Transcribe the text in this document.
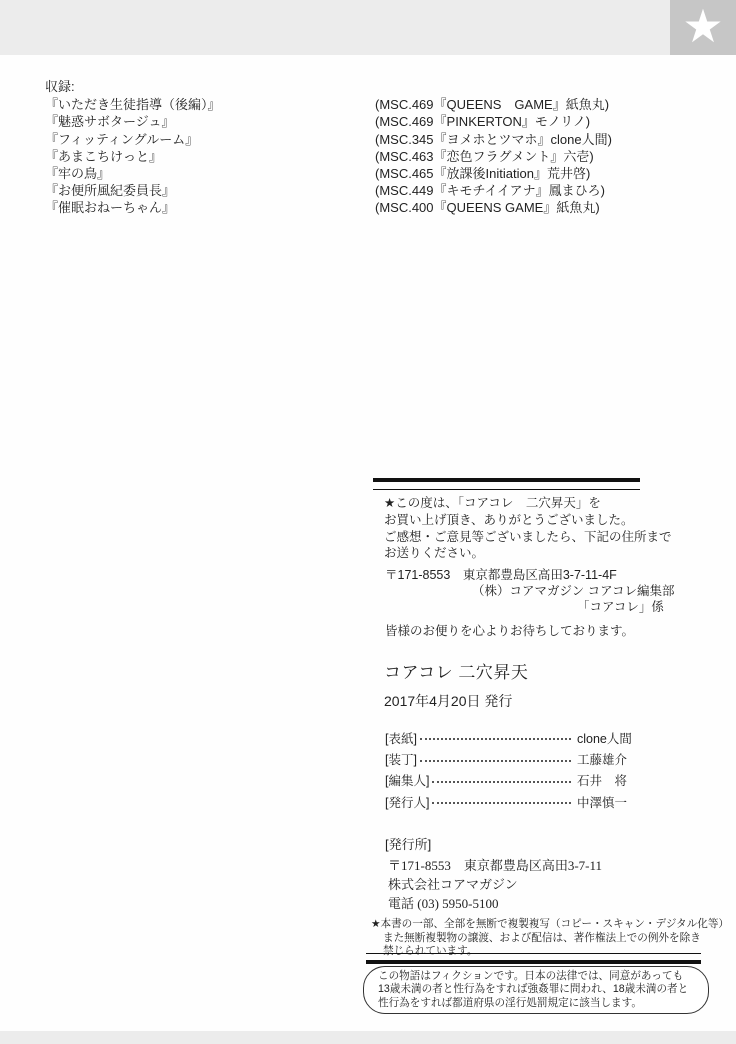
★
収録:
『いただき生徒指導（後編）』	(MSC.469『QUEENS　GAME』紙魚丸)
『魅惑サボタージュ』	(MSC.469『PINKERTON』モノリノ)
『フィッティングルーム』	(MSC.345『ヨメホとツマホ』clone人間)
『あまこちけっと』	(MSC.463『恋色フラグメント』六壱)
『牢の鳥』	(MSC.465『放課後Initiation』荒井啓)
『お便所風紀委員長』	(MSC.449『キモチイイアナ』鳳まひろ)
『催眠おねーちゃん』	(MSC.400『QUEENS GAME』紙魚丸)
★この度は、「コアコレ　二穴昇天」を
お買い上げ頂き、ありがとうございました。
ご感想・ご意見等ございましたら、下記の住所まで
お送りください。
〒171-8553　東京都豊島区高田3-7-11-4F
（株）コアマガジン コアコレ編集部
「コアコレ」係
皆様のお便りを心よりお待ちしております。
コアコレ 二穴昇天
2017年4月20日 発行
[表紙]	clone人間
[装丁]	工藤雄介
[編集人]	石井　将
[発行人]	中澤慎一
[発行所]
〒171-8553　東京都豊島区高田3-7-11
株式会社コアマガジン
電話 (03) 5950-5100
★本書の一部、全部を無断で複製複写（コピー・スキャン・デジタル化等）
また無断複製物の譲渡、および配信は、著作権法上での例外を除き
禁じられています。
この物語はフィクションです。日本の法律では、同意があっても13歳未満の者と性行為をすれば強姦罪に問われ、18歳未満の者と性行為をすれば都道府県の淫行処罰規定に該当します。
